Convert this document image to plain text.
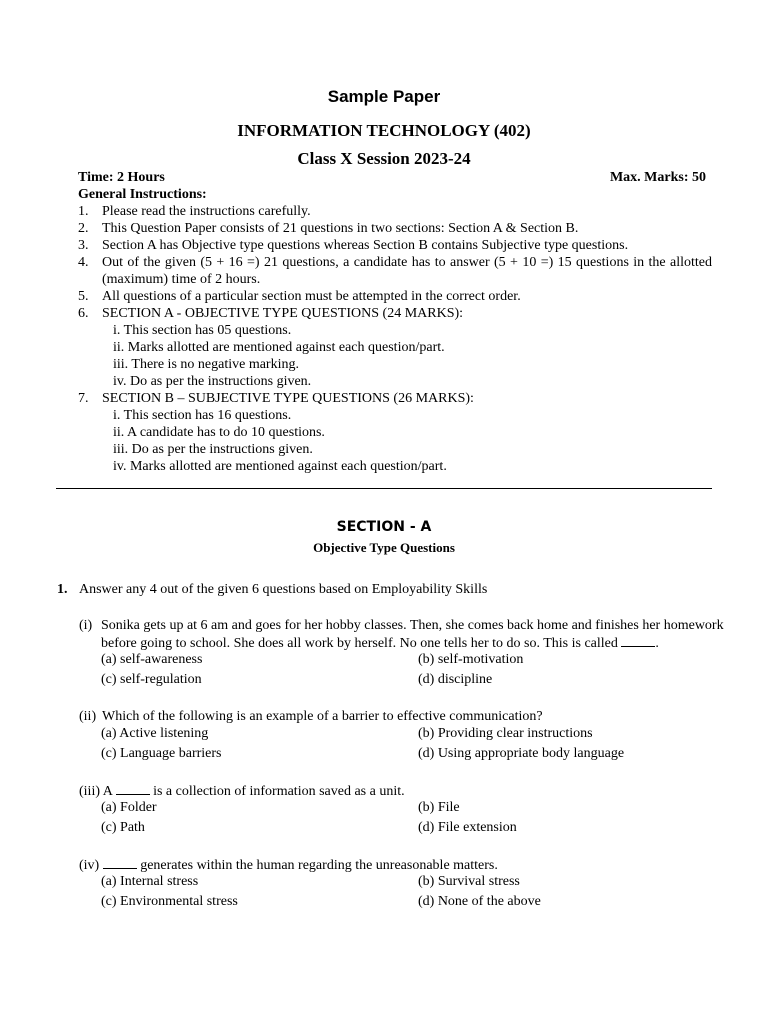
Sample Paper
INFORMATION TECHNOLOGY (402)
Class X Session 2023-24
Time: 2 Hours	Max. Marks: 50
General Instructions:
1. Please read the instructions carefully.
2. This Question Paper consists of 21 questions in two sections: Section A & Section B.
3. Section A has Objective type questions whereas Section B contains Subjective type questions.
4. Out of the given (5 + 16 =) 21 questions, a candidate has to answer (5 + 10 =) 15 questions in the allotted
(maximum) time of 2 hours.
5. All questions of a particular section must be attempted in the correct order.
6. SECTION A - OBJECTIVE TYPE QUESTIONS (24 MARKS):
i. This section has 05 questions.
ii. Marks allotted are mentioned against each question/part.
iii. There is no negative marking.
iv. Do as per the instructions given.
7. SECTION B – SUBJECTIVE TYPE QUESTIONS (26 MARKS):
i. This section has 16 questions.
ii. A candidate has to do 10 questions.
iii. Do as per the instructions given.
iv. Marks allotted are mentioned against each question/part.
SECTION - A
Objective Type Questions
1. Answer any 4 out of the given 6 questions based on Employability Skills
(i) Sonika gets up at 6 am and goes for her hobby classes. Then, she comes back home and finishes her homework
before going to school. She does all work by herself. No one tells her to do so. This is called	.
(a) self-awareness	(b) self-motivation
(c) self-regulation	(d) discipline
(ii) Which of the following is an example of a barrier to effective communication?
(a) Active listening	(b) Providing clear instructions
(c) Language barriers	(d) Using appropriate body language
(iii) A	is a collection of information saved as a unit.
(a) Folder	(b) File
(c) Path	(d) File extension
(iv)	generates within the human regarding the unreasonable matters.
(a) Internal stress	(b) Survival stress
(c) Environmental stress	(d) None of the above
